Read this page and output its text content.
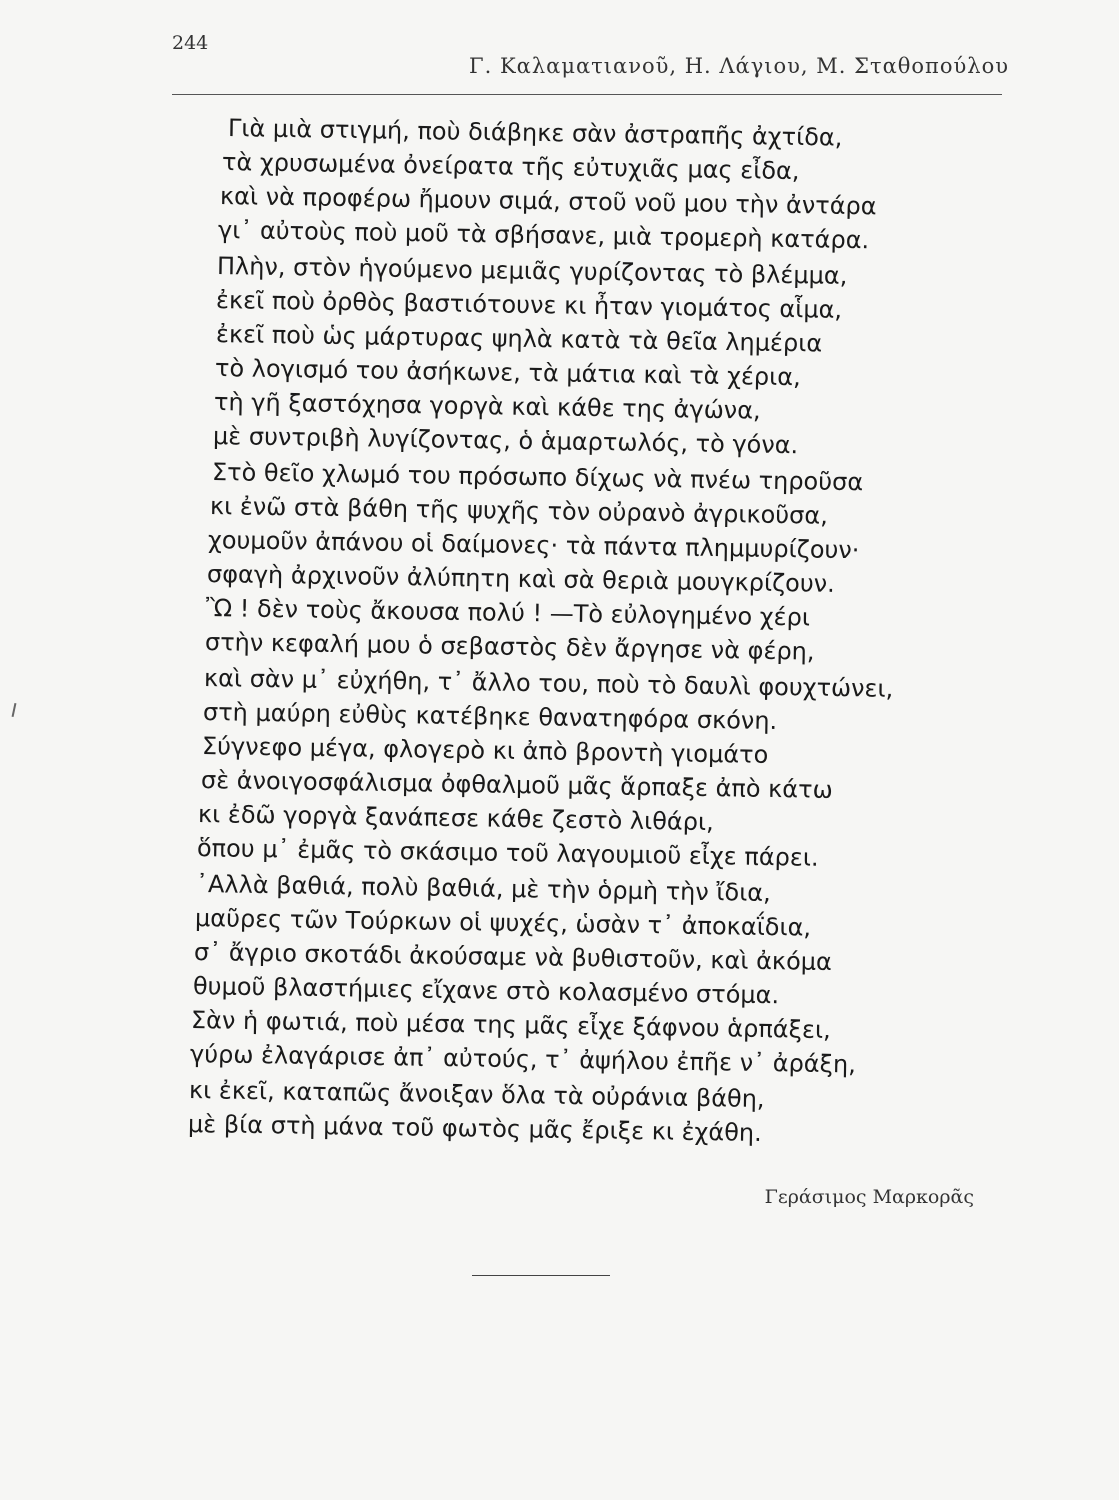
244
Γ. Καλαματιανοῦ, Η. Λάγιου, Μ. Σταθοπούλου
Γιὰ μιὰ στιγμή, ποὺ διάβηκε σὰν ἀστραπῆς ἀχτίδα,
τὰ χρυσωμένα ὀνείρατα τῆς εὐτυχιᾶς μας εἶδα,
καὶ νὰ προφέρω ἤμουν σιμά, στοῦ νοῦ μου τὴν ἀντάρα
γι᾽ αὐτοὺς ποὺ μοῦ τὰ σβήσανε, μιὰ τρομερὴ κατάρα.
Πλὴν, στὸν ἡγούμενο μεμιᾶς γυρίζοντας τὸ βλέμμα,
ἐκεῖ ποὺ ὀρθὸς βαστιότουνε κι ἦταν γιομάτος αἷμα,
ἐκεῖ ποὺ ὡς μάρτυρας ψηλὰ κατὰ τὰ θεῖα λημέρια
τὸ λογισμό του ἀσήκωνε, τὰ μάτια καὶ τὰ χέρια,
τὴ γῆ ξαστόχησα γοργὰ καὶ κάθε της ἀγώνα,
μὲ συντριβὴ λυγίζοντας, ὁ ἁμαρτωλός, τὸ γόνα.
Στὸ θεῖο χλωμό του πρόσωπο δίχως νὰ πνέω τηροῦσα
κι ἐνῶ στὰ βάθη τῆς ψυχῆς τὸν οὐρανὸ ἀγρικοῦσα,
χουμοῦν ἀπάνου οἱ δαίμονες· τὰ πάντα πλημμυρίζουν·
σφαγὴ ἀρχινοῦν ἀλύπητη καὶ σὰ θεριὰ μουγκρίζουν.
Ὢ ! δὲν τοὺς ἄκουσα πολύ ! —Τὸ εὐλογημένο χέρι
στὴν κεφαλή μου ὁ σεβαστὸς δὲν ἄργησε νὰ φέρη,
καὶ σὰν μ᾽ εὐχήθη, τ᾽ ἄλλο του, ποὺ τὸ δαυλὶ φουχτώνει,
στὴ μαύρη εὐθὺς κατέβηκε θανατηφόρα σκόνη.
Σύγνεφο μέγα, φλογερὸ κι ἀπὸ βροντὴ γιομάτο
σὲ ἀνοιγοσφάλισμα ὀφθαλμοῦ μᾶς ἅρπαξε ἀπὸ κάτω
κι ἐδῶ γοργὰ ξανάπεσε κάθε ζεστὸ λιθάρι,
ὅπου μ᾽ ἐμᾶς τὸ σκάσιμο τοῦ λαγουμιοῦ εἶχε πάρει.
᾽Αλλὰ βαθιά, πολὺ βαθιά, μὲ τὴν ὁρμὴ τὴν ἴδια,
μαῦρες τῶν Τούρκων οἱ ψυχές, ὡσὰν τ᾽ ἀποκαΐδια,
σ᾽ ἄγριο σκοτάδι ἀκούσαμε νὰ βυθιστοῦν, καὶ ἀκόμα
θυμοῦ βλαστήμιες εἴχανε στὸ κολασμένο στόμα.
Σὰν ἡ φωτιά, ποὺ μέσα της μᾶς εἶχε ξάφνου ἁρπάξει,
γύρω ἐλαγάρισε ἀπ᾽ αὐτούς, τ᾽ ἀψήλου ἐπῆε ν᾽ ἀράξη,
κι ἐκεῖ, καταπῶς ἄνοιξαν ὅλα τὰ οὐράνια βάθη,
μὲ βία στὴ μάνα τοῦ φωτὸς μᾶς ἔριξε κι ἐχάθη.
Γεράσιμος Μαρκορᾶς
